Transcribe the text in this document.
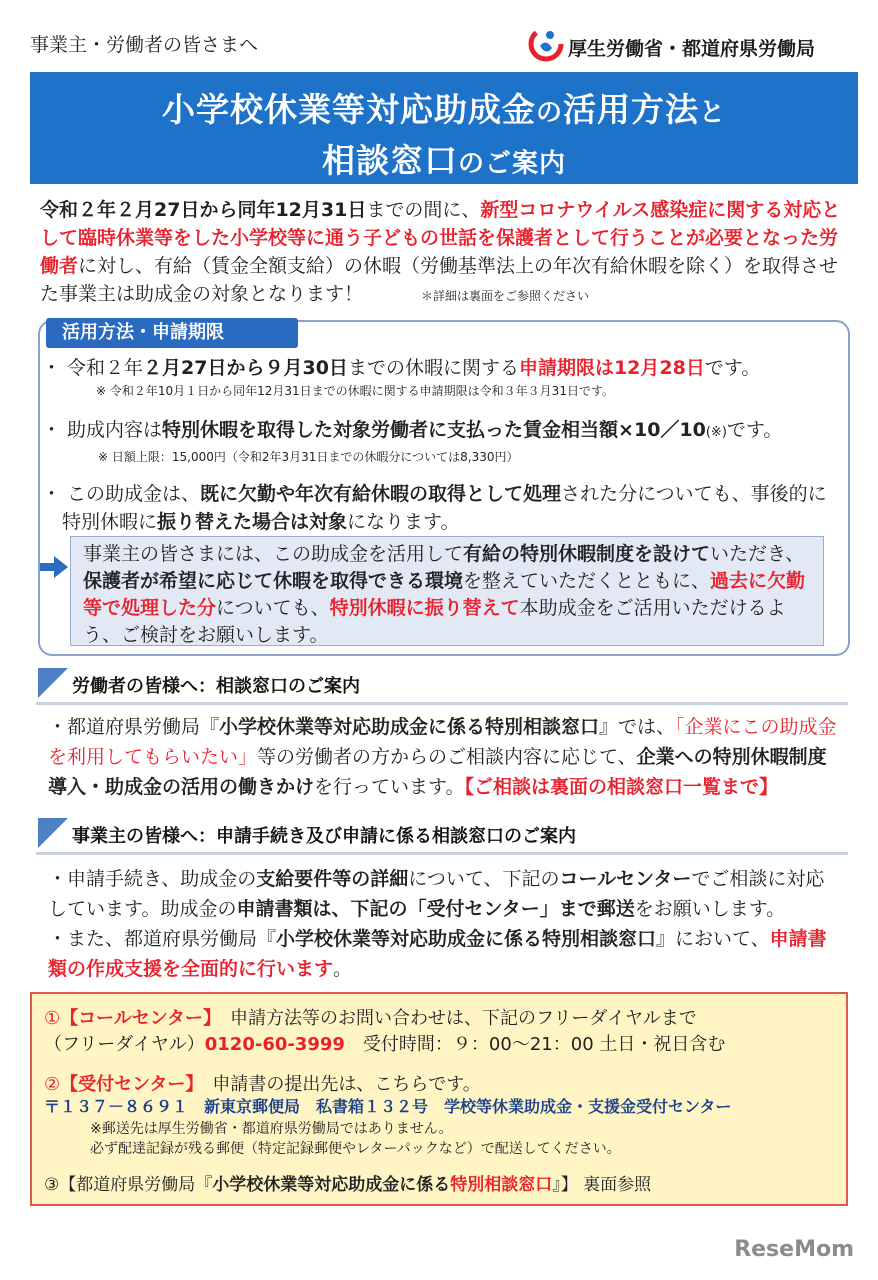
事業主・労働者の皆さまへ	厚生労働省・都道府県労働局
小学校休業等対応助成金の活用方法と
相談窓口のご案内
令和２年２月27日から同年12月31日までの間に、新型コロナウイルス感染症に関する対応として臨時休業等をした小学校等に通う子どもの世話を保護者として行うことが必要となった労働者に対し、有給（賃金全額支給）の休暇（労働基準法上の年次有給休暇を除く）を取得させた事業主は助成金の対象となります！	＊詳細は裏面をご参照ください
活用方法・申請期限
・ 令和２年２月27日から９月30日までの休暇に関する申請期限は12月28日です。
※ 令和２年10月１日から同年12月31日までの休暇に関する申請期限は令和３年３月31日です。
・ 助成内容は特別休暇を取得した対象労働者に支払った賃金相当額×10／10(※)です。
※ 日額上限：15,000円（令和2年3月31日までの休暇分については8,330円）
・ この助成金は、既に欠勤や年次有給休暇の取得として処理された分についても、事後的に
特別休暇に振り替えた場合は対象になります。
事業主の皆さまには、この助成金を活用して有給の特別休暇制度を設けていただき、保護者が希望に応じて休暇を取得できる環境を整えていただくとともに、過去に欠勤等で処理した分についても、特別休暇に振り替えて本助成金をご活用いただけるよう、ご検討をお願いします。
労働者の皆様へ：相談窓口のご案内
・都道府県労働局『小学校休業等対応助成金に係る特別相談窓口』では、「企業にこの助成金を利用してもらいたい」等の労働者の方からのご相談内容に応じて、企業への特別休暇制度導入・助成金の活用の働きかけを行っています。【ご相談は裏面の相談窓口一覧まで】
事業主の皆様へ：申請手続き及び申請に係る相談窓口のご案内
・申請手続き、助成金の支給要件等の詳細について、下記のコールセンターでご相談に対応しています。助成金の申請書類は、下記の「受付センター」まで郵送をお願いします。
・また、都道府県労働局『小学校休業等対応助成金に係る特別相談窓口』において、申請書類の作成支援を全面的に行います。
①【コールセンター】　申請方法等のお問い合わせは、下記のフリーダイヤルまで
（フリーダイヤル）0120-60-3999　受付時間：９：00～21：00 土日・祝日含む
②【受付センター】　申請書の提出先は、こちらです。
〒１３７－８６９１　新東京郵便局　私書箱１３２号　学校等休業助成金・支援金受付センター
※郵送先は厚生労働省・都道府県労働局ではありません。
必ず配達記録が残る郵便（特定記録郵便やレターパックなど）で配送してください。
③【都道府県労働局『小学校休業等対応助成金に係る特別相談窓口』】 裏面参照
ReseMom
